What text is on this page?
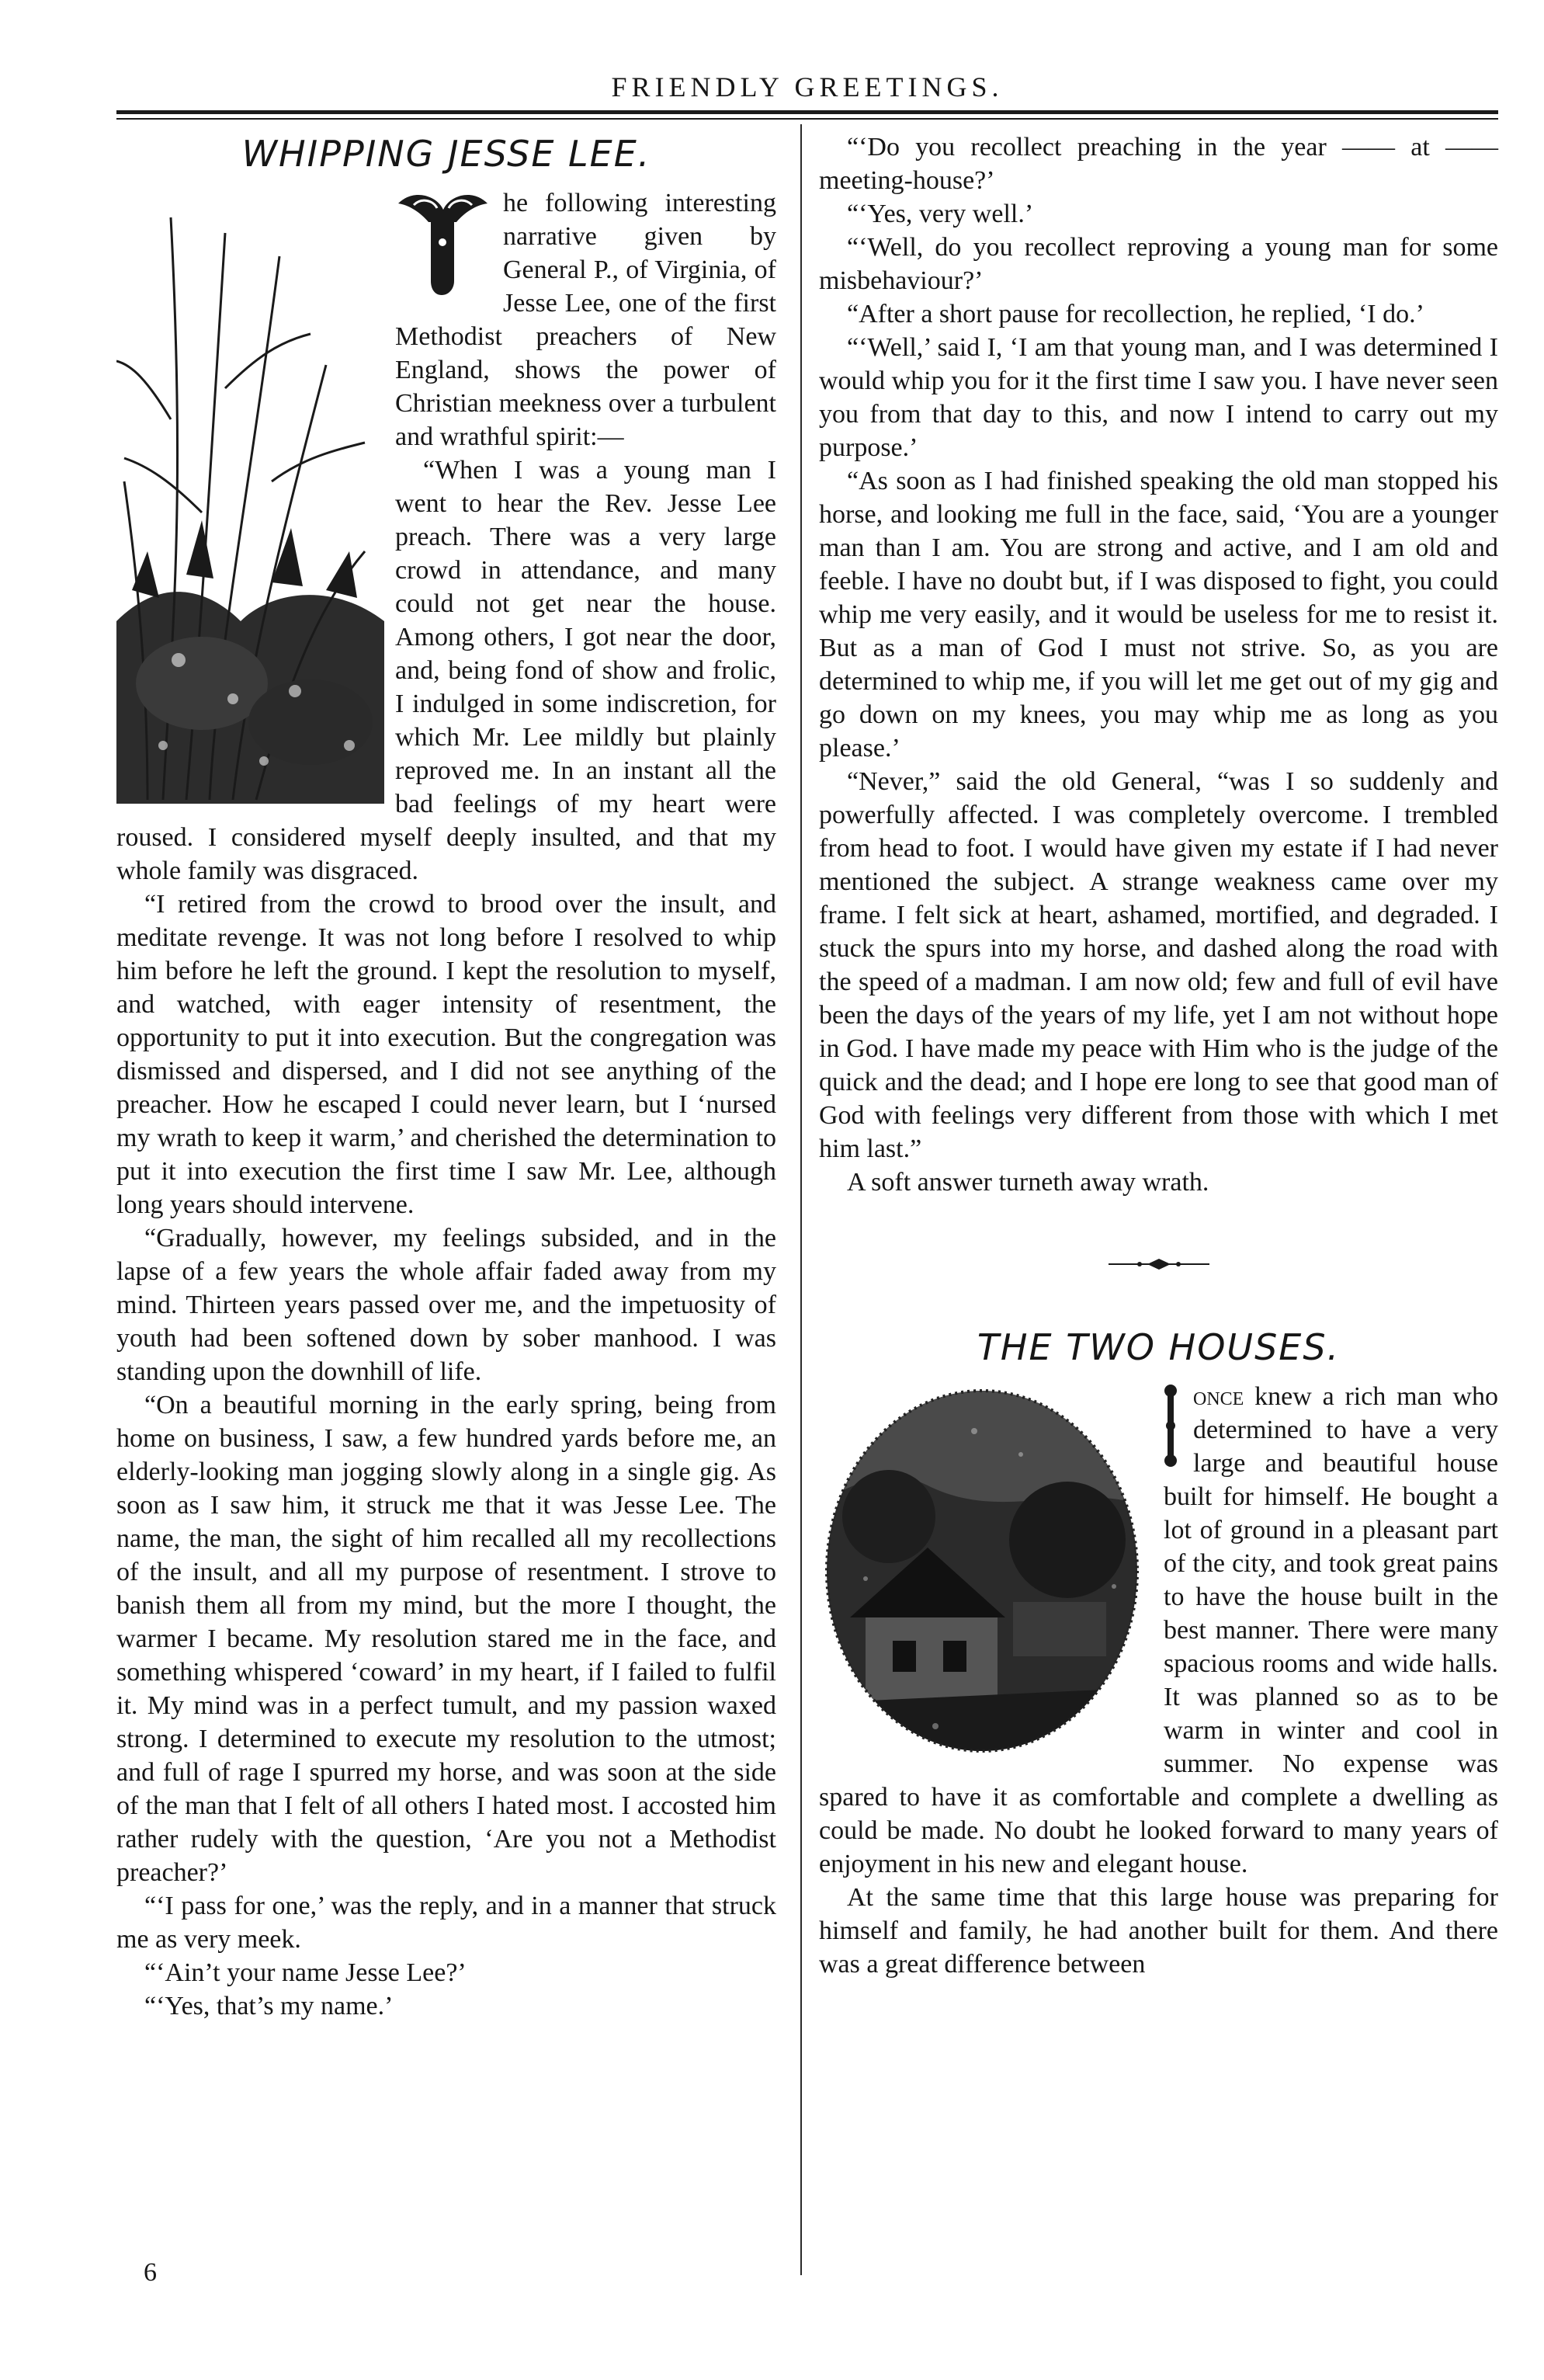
FRIENDLY GREETINGS.
WHIPPING JESSE LEE.

he following interesting narrative given by General P., of Virginia, of Jesse Lee, one of the first Methodist preachers of New England, shows the power of Christian meekness over a turbulent and wrathful spirit:—

“When I was a young man I went to hear the Rev. Jesse Lee preach. There was a very large crowd in attendance, and many could not get near the house. Among others, I got near the door, and, being fond of show and frolic, I indulged in some indiscretion, for which Mr. Lee mildly but plainly reproved me. In an instant all the bad feelings of my heart were roused. I considered myself deeply insulted, and that my whole family was disgraced.

“I retired from the crowd to brood over the insult, and meditate revenge. It was not long before I resolved to whip him before he left the ground. I kept the resolution to myself, and watched, with eager intensity of resentment, the opportunity to put it into execution. But the congregation was dismissed and dispersed, and I did not see anything of the preacher. How he escaped I could never learn, but I ‘nursed my wrath to keep it warm,’ and cherished the determination to put it into execution the first time I saw Mr. Lee, although long years should intervene.

“Gradually, however, my feelings subsided, and in the lapse of a few years the whole affair faded away from my mind. Thirteen years passed over me, and the impetuosity of youth had been softened down by sober manhood. I was standing upon the downhill of life.

“On a beautiful morning in the early spring, being from home on business, I saw, a few hundred yards before me, an elderly-looking man jogging slowly along in a single gig. As soon as I saw him, it struck me that it was Jesse Lee. The name, the man, the sight of him recalled all my recollections of the insult, and all my purpose of resentment. I strove to banish them all from my mind, but the more I thought, the warmer I became. My resolution stared me in the face, and something whispered ‘coward’ in my heart, if I failed to fulfil it. My mind was in a perfect tumult, and my passion waxed strong. I determined to execute my resolution to the utmost; and full of rage I spurred my horse, and was soon at the side of the man that I felt of all others I hated most. I accosted him rather rudely with the question, ‘Are you not a Methodist preacher?’

“‘I pass for one,’ was the reply, and in a manner that struck me as very meek.

“‘Ain’t your name Jesse Lee?’

“‘Yes, that’s my name.’

6

“‘Do you recollect preaching in the year —— at —— meeting-house?’

“‘Yes, very well.’

“‘Well, do you recollect reproving a young man for some misbehaviour?’

“After a short pause for recollection, he replied, ‘I do.’

“‘Well,’ said I, ‘I am that young man, and I was determined I would whip you for it the first time I saw you. I have never seen you from that day to this, and now I intend to carry out my purpose.’

“As soon as I had finished speaking the old man stopped his horse, and looking me full in the face, said, ‘You are a younger man than I am. You are strong and active, and I am old and feeble. I have no doubt but, if I was disposed to fight, you could whip me very easily, and it would be useless for me to resist it. But as a man of God I must not strive. So, as you are determined to whip me, if you will let me get out of my gig and go down on my knees, you may whip me as long as you please.’

“Never,” said the old General, “was I so suddenly and powerfully affected. I was completely overcome. I trembled from head to foot. I would have given my estate if I had never mentioned the subject. A strange weakness came over my frame. I felt sick at heart, ashamed, mortified, and degraded. I stuck the spurs into my horse, and dashed along the road with the speed of a madman. I am now old; few and full of evil have been the days of the years of my life, yet I am not without hope in God. I have made my peace with Him who is the judge of the quick and the dead; and I hope ere long to see that good man of God with feelings very different from those with which I met him last.”

A soft answer turneth away wrath.

THE TWO HOUSES.

once knew a rich man who determined to have a very large and beautiful house built for himself. He bought a lot of ground in a pleasant part of the city, and took great pains to have the house built in the best manner. There were many spacious rooms and wide halls. It was planned so as to be warm in winter and cool in summer. No expense was spared to have it as comfortable and complete a dwelling as could be made. No doubt he looked forward to many years of enjoyment in his new and elegant house.

At the same time that this large house was preparing for himself and family, he had another built for them. And there was a great difference between
